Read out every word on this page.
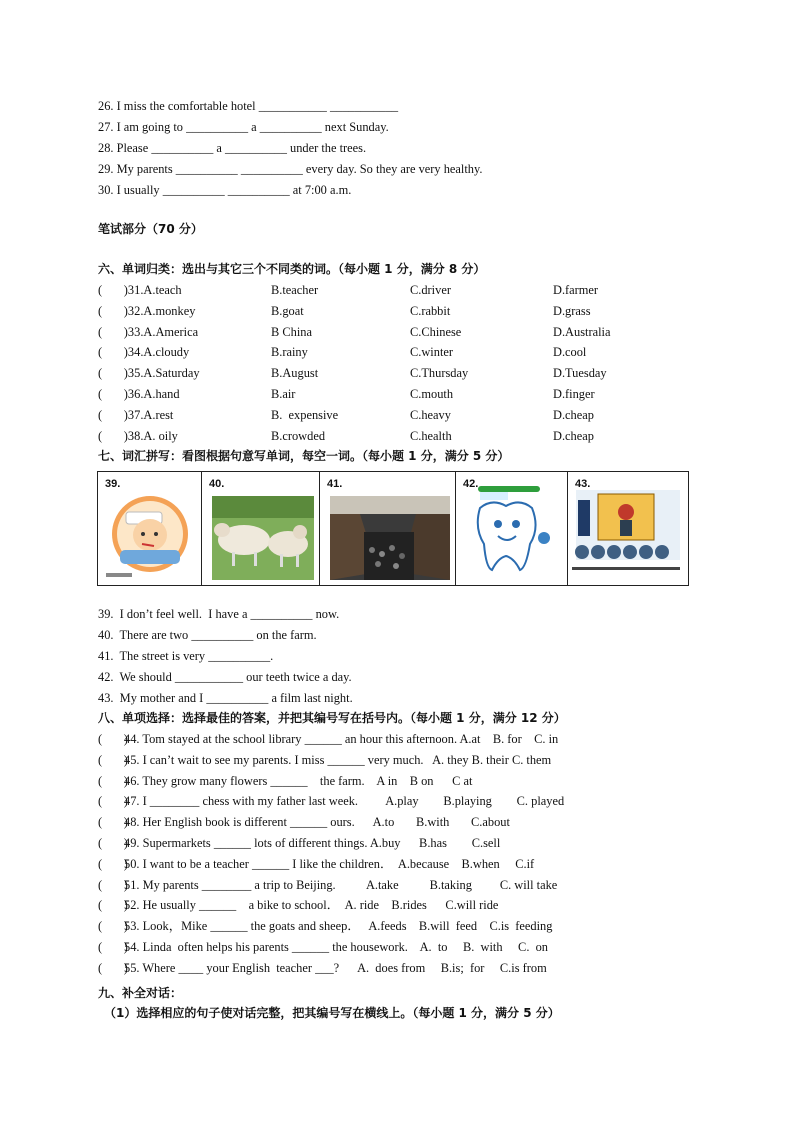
26. I miss the comfortable hotel ___________ ___________
27. I am going to __________ a __________ next Sunday.
28. Please __________ a __________ under the trees.
29. My parents __________ __________ every day. So they are very healthy.
30. I usually __________ __________ at 7:00 a.m.
笔试部分（70 分）
六、单词归类：选出与其它三个不同类的词。（每小题 1 分，满分 8 分）
(       )31.A.teach	B.teacher	C.driver	D.farmer
(       )32.A.monkey	B.goat	C.rabbit	D.grass
(       )33.A.America	B China	C.Chinese	D.Australia
(       )34.A.cloudy	B.rainy	C.winter	D.cool
(       )35.A.Saturday	B.August	C.Thursday	D.Tuesday
(       )36.A.hand	B.air	C.mouth	D.finger
(       )37.A.rest	B.  expensive	C.heavy	D.cheap
(       )38.A. oily	B.crowded	C.health	D.cheap
七、词汇拼写：看图根据句意写单词，每空一词。（每小题 1 分，满分 5 分）
39.	40.	41.	42.	43.
39.  I don’t feel well.  I have a __________ now.
40.  There are two __________ on the farm.
41.  The street is very __________.
42.  We should ___________ our teeth twice a day.
43.  My mother and I __________ a film last night.
八、单项选择：选择最佳的答案，并把其编号写在括号内。（每小题 1 分，满分 12 分）
(       )
44. Tom stayed at the school library ______ an hour this afternoon. A.at    B. for    C. in
(       )
45. I can’t wait to see my parents. I miss ______ very much.   A. they B. their C. them
(       )
46. They grow many flowers ______    the farm.    A in    B on      C at
(       )
47. I ________ chess with my father last week.         A.play        B.playing        C. played
(       )
48. Her English book is different ______ ours.      A.to       B.with       C.about
(       )
49. Supermarkets ______ lots of different things. A.buy      B.has        C.sell
(       )
50. I want to be a teacher ______ I like the children．  A.because    B.when     C.if
(       )
51. My parents ________ a trip to Beijing.          A.take          B.taking         C. will take
(       )
52. He usually ______    a bike to school．  A. ride    B.rides      C.will ride
(       )
53. Look，Mike ______ the goats and sheep．   A.feeds    B.will  feed    C.is  feeding
(       )
54. Linda  often helps his parents ______ the housework.    A.  to     B.  with     C.  on
(       )
55. Where ____ your English  teacher ___?      A.  does from     B.is;  for     C.is from
九、补全对话：
（1）选择相应的句子使对话完整，把其编号写在横线上。（每小题 1 分，满分 5 分）
